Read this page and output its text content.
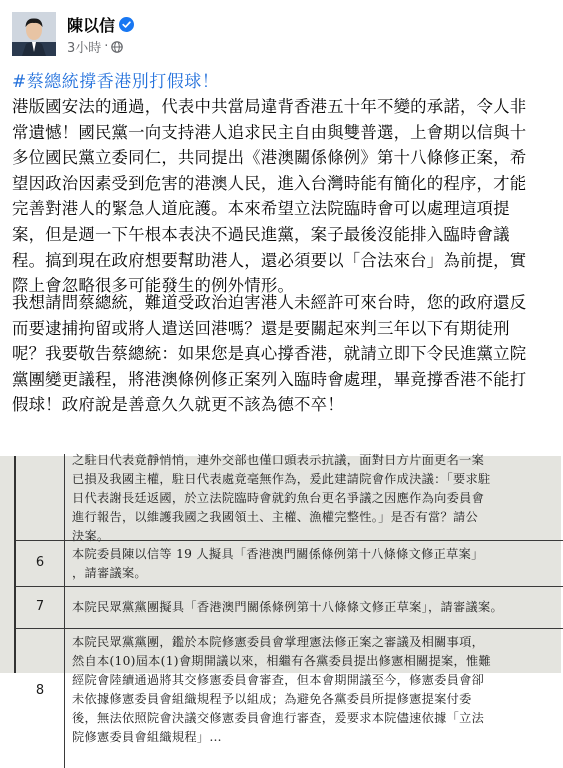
陳以信
3小時 ·
#蔡總統撐香港別打假球！
港版國安法的通過，代表中共當局違背香港五十年不變的承諾，令人非
常遺憾！國民黨一向支持港人追求民主自由與雙普選，上會期以信與十
多位國民黨立委同仁，共同提出《港澳關係條例》第十八條修正案，希
望因政治因素受到危害的港澳人民，進入台灣時能有簡化的程序，才能
完善對港人的緊急人道庇護。本來希望立法院臨時會可以處理這項提
案，但是週一下午根本表決不過民進黨，案子最後沒能排入臨時會議
程。搞到現在政府想要幫助港人，還必須要以「合法來台」為前提，實
際上會忽略很多可能發生的例外情形。
我想請問蔡總統，難道受政治迫害港人未經許可來台時，您的政府還反
而要逮捕拘留或將人遣送回港嗎？還是要關起來判三年以下有期徒刑
呢？我要敬告蔡總統：如果您是真心撐香港，就請立即下令民進黨立院
黨團變更議程，將港澳條例修正案列入臨時會處理，畢竟撐香港不能打
假球！政府說是善意久久就更不該為德不卒！
之駐日代表竟靜悄悄，連外交部也僅口頭表示抗議，面對日方片面更名一案
已損及我國主權，駐日代表處竟毫無作為，爰此建請院會作成決議：「要求駐
日代表謝長廷返國，於立法院臨時會就釣魚台更名爭議之因應作為向委員會
進行報告，以維護我國之我國領土、主權、漁權完整性。」是否有當？請公
決案。
6
本院委員陳以信等 19 人擬具「香港澳門關係條例第十八條條文修正草案」
，請審議案。
7	本院民眾黨黨團擬具「香港澳門關係條例第十八條條文修正草案」，請審議案。
8
本院民眾黨黨團，鑑於本院修憲委員會掌理憲法修正案之審議及相關事項，
然自本(10)屆本(1)會期開議以來，相繼有各黨委員提出修憲相關提案，惟難
經院會陸續通過將其交修憲委員會審查，但本會期開議至今，修憲委員會卻
未依據修憲委員會組織規程予以組成；為避免各黨委員所提修憲提案付委
後，無法依照院會決議交修憲委員會進行審查，爰要求本院儘速依據「立法
院修憲委員會組織規程」…
